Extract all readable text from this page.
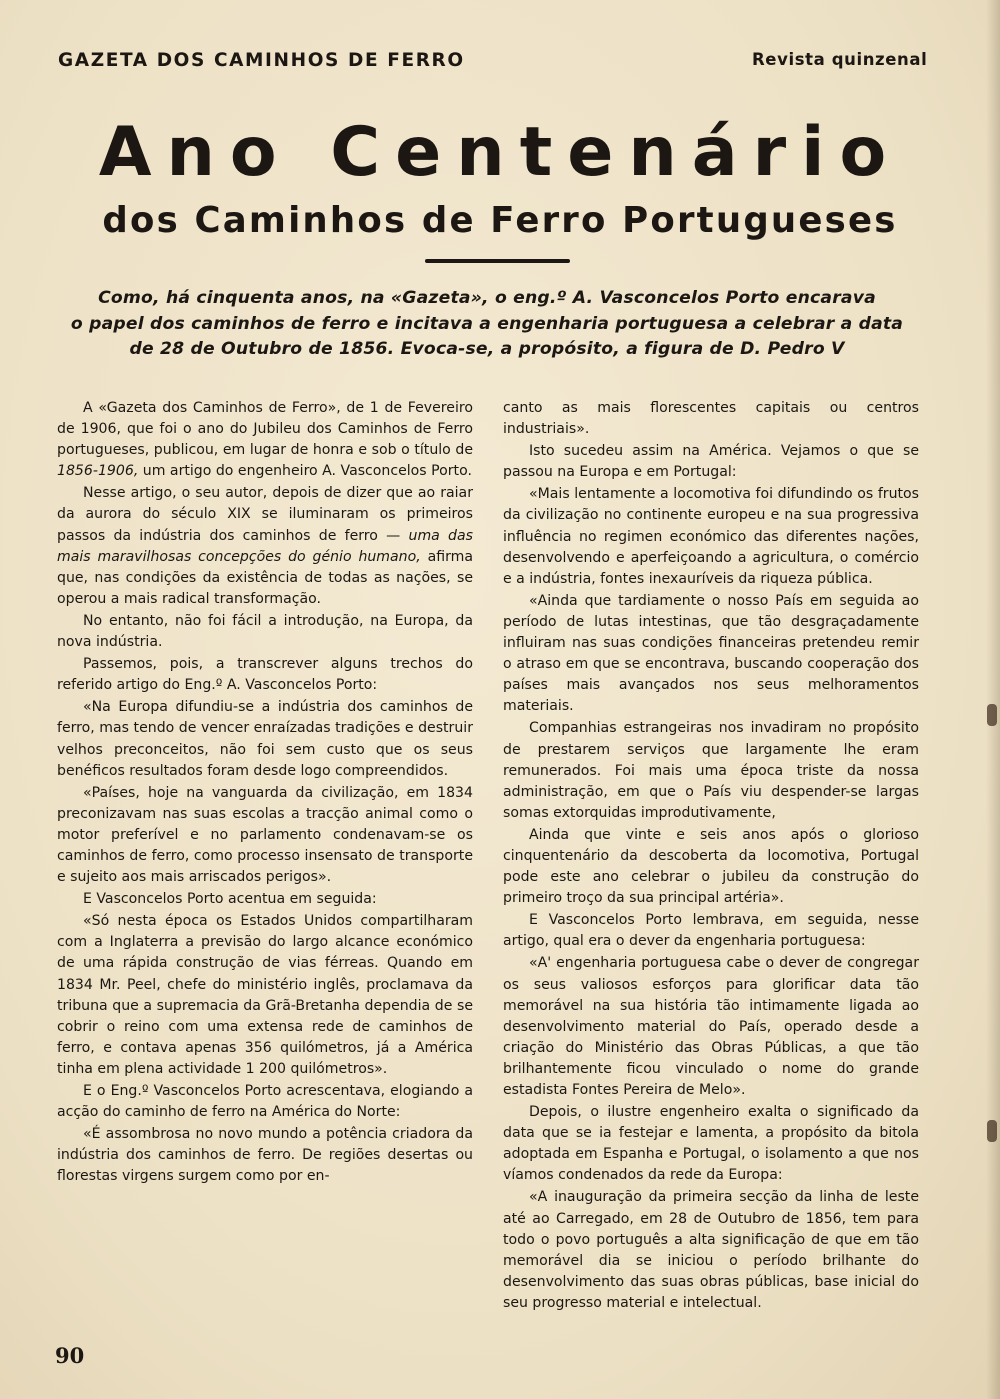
GAZETA DOS CAMINHOS DE FERRO	Revista quinzenal
Ano Centenário
dos Caminhos de Ferro Portugueses
Como, há cinquenta anos, na «Gazeta», o eng.º A. Vasconcelos Porto encarava
o papel dos caminhos de ferro e incitava a engenharia portuguesa a celebrar a data
de 28 de Outubro de 1856. Evoca-se, a propósito, a figura de D. Pedro V

A «Gazeta dos Caminhos de Ferro», de 1 de Fevereiro de 1906, que foi o ano do Jubileu dos Caminhos de Ferro portugueses, publicou, em lugar de honra e sob o título de 1856-1906, um artigo do engenheiro A. Vasconcelos Porto.

Nesse artigo, o seu autor, depois de dizer que ao raiar da aurora do século XIX se iluminaram os primeiros passos da indústria dos caminhos de ferro — uma das mais maravilhosas concepções do génio humano, afirma que, nas condições da existência de todas as nações, se operou a mais radical transformação.

No entanto, não foi fácil a introdução, na Europa, da nova indústria.

Passemos, pois, a transcrever alguns trechos do referido artigo do Eng.º A. Vasconcelos Porto:

«Na Europa difundiu-se a indústria dos caminhos de ferro, mas tendo de vencer enraízadas tradições e destruir velhos preconceitos, não foi sem custo que os seus benéficos resultados foram desde logo compreendidos.

«Países, hoje na vanguarda da civilização, em 1834 preconizavam nas suas escolas a tracção animal como o motor preferível e no parlamento condenavam-se os caminhos de ferro, como processo insensato de transporte e sujeito aos mais arriscados perigos».

E Vasconcelos Porto acentua em seguida:

«Só nesta época os Estados Unidos compartilharam com a Inglaterra a previsão do largo alcance económico de uma rápida construção de vias férreas. Quando em 1834 Mr. Peel, chefe do ministério inglês, proclamava da tribuna que a supremacia da Grã-Bretanha dependia de se cobrir o reino com uma extensa rede de caminhos de ferro, e contava apenas 356 quilómetros, já a América tinha em plena actividade 1 200 quilómetros».

E o Eng.º Vasconcelos Porto acrescentava, elogiando a acção do caminho de ferro na América do Norte:

«É assombrosa no novo mundo a potência criadora da indústria dos caminhos de ferro. De regiões desertas ou florestas virgens surgem como por en-

canto as mais florescentes capitais ou centros industriais».

Isto sucedeu assim na América. Vejamos o que se passou na Europa e em Portugal:

«Mais lentamente a locomotiva foi difundindo os frutos da civilização no continente europeu e na sua progressiva influência no regimen económico das diferentes nações, desenvolvendo e aperfeiçoando a agricultura, o comércio e a indústria, fontes inexauríveis da riqueza pública.

«Ainda que tardiamente o nosso País em seguida ao período de lutas intestinas, que tão desgraçadamente influiram nas suas condições financeiras pretendeu remir o atraso em que se encontrava, buscando cooperação dos países mais avançados nos seus melhoramentos materiais.

Companhias estrangeiras nos invadiram no propósito de prestarem serviços que largamente lhe eram remunerados. Foi mais uma época triste da nossa administração, em que o País viu despender-se largas somas extorquidas improdutivamente,

Ainda que vinte e seis anos após o glorioso cinquentenário da descoberta da locomotiva, Portugal pode este ano celebrar o jubileu da construção do primeiro troço da sua principal artéria».

E Vasconcelos Porto lembrava, em seguida, nesse artigo, qual era o dever da engenharia portuguesa:

«A' engenharia portuguesa cabe o dever de congregar os seus valiosos esforços para glorificar data tão memorável na sua história tão intimamente ligada ao desenvolvimento material do País, operado desde a criação do Ministério das Obras Públicas, a que tão brilhantemente ficou vinculado o nome do grande estadista Fontes Pereira de Melo».

Depois, o ilustre engenheiro exalta o significado da data que se ia festejar e lamenta, a propósito da bitola adoptada em Espanha e Portugal, o isolamento a que nos víamos condenados da rede da Europa:

«A inauguração da primeira secção da linha de leste até ao Carregado, em 28 de Outubro de 1856, tem para todo o povo português a alta significação de que em tão memorável dia se iniciou o período brilhante do desenvolvimento das suas obras públicas, base inicial do seu progresso material e intelectual.

90
